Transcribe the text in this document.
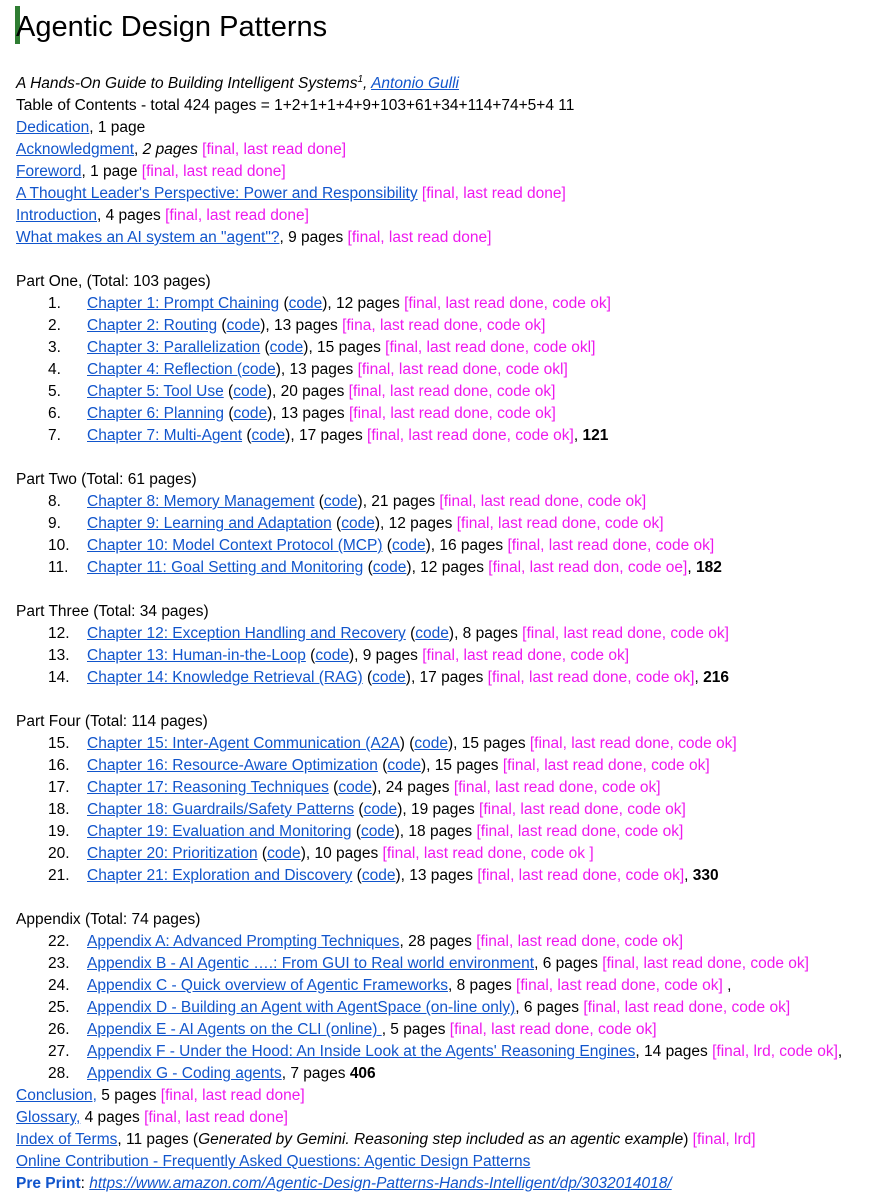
Agentic Design Patterns
A Hands-On Guide to Building Intelligent Systems$^1$, Antonio Gulli
Table of Contents - total 424 pages = 1+2+1+1+4+9+103+61+34+114+74+5+4 11
Dedication, 1 page
Acknowledgment, 2 pages [final, last read done]
Foreword, 1 page [final, last read done]
A Thought Leader's Perspective: Power and Responsibility [final, last read done]
Introduction, 4 pages [final, last read done]
What makes an AI system an "agent"?, 9 pages [final, last read done]
Part One, (Total: 103 pages)
1. Chapter 1: Prompt Chaining (code), 12 pages [final, last read done, code ok]
2. Chapter 2: Routing (code), 13 pages [fina, last read done, code ok]
3. Chapter 3: Parallelization (code), 15 pages [final, last read done, code okl]
4. Chapter 4: Reflection (code), 13 pages [final, last read done, code okl]
5. Chapter 5: Tool Use (code), 20 pages [final, last read done, code ok]
6. Chapter 6: Planning (code), 13 pages [final, last read done, code ok]
7. Chapter 7: Multi-Agent (code), 17 pages [final, last read done, code ok], 121
Part Two (Total: 61 pages)
8. Chapter 8: Memory Management (code), 21 pages [final, last read done, code ok]
9. Chapter 9: Learning and Adaptation (code), 12 pages [final, last read done, code ok]
10. Chapter 10: Model Context Protocol (MCP) (code), 16 pages [final, last read done, code ok]
11. Chapter 11: Goal Setting and Monitoring (code), 12 pages [final, last read don, code oe], 182
Part Three (Total: 34 pages)
12. Chapter 12: Exception Handling and Recovery (code), 8 pages [final, last read done, code ok]
13. Chapter 13: Human-in-the-Loop (code), 9 pages [final, last read done, code ok]
14. Chapter 14: Knowledge Retrieval (RAG) (code), 17 pages [final, last read done, code ok], 216
Part Four (Total: 114 pages)
15. Chapter 15: Inter-Agent Communication (A2A) (code), 15 pages [final, last read done, code ok]
16. Chapter 16: Resource-Aware Optimization (code), 15 pages [final, last read done, code ok]
17. Chapter 17: Reasoning Techniques (code), 24 pages [final, last read done, code ok]
18. Chapter 18: Guardrails/Safety Patterns (code), 19 pages [final, last read done, code ok]
19. Chapter 19: Evaluation and Monitoring (code), 18 pages [final, last read done, code ok]
20. Chapter 20: Prioritization (code), 10 pages [final, last read done, code ok ]
21. Chapter 21: Exploration and Discovery (code), 13 pages [final, last read done, code ok], 330
Appendix (Total: 74 pages)
22. Appendix A: Advanced Prompting Techniques, 28 pages [final, last read done, code ok]
23. Appendix B - AI Agentic ….: From GUI to Real world environment, 6 pages [final, last read done, code ok]
24. Appendix C - Quick overview of Agentic Frameworks, 8 pages [final, last read done, code ok] ,
25. Appendix D - Building an Agent with AgentSpace (on-line only), 6 pages [final, last read done, code ok]
26. Appendix E - AI Agents on the CLI (online) , 5 pages [final, last read done, code ok]
27. Appendix F - Under the Hood: An Inside Look at the Agents' Reasoning Engines, 14 pages [final, lrd, code ok],
28. Appendix G - Coding agents, 7 pages 406
Conclusion, 5 pages [final, last read done]
Glossary, 4 pages [final, last read done]
Index of Terms, 11 pages (Generated by Gemini. Reasoning step included as an agentic example) [final, lrd]
Online Contribution - Frequently Asked Questions: Agentic Design Patterns
Pre Print: https://www.amazon.com/Agentic-Design-Patterns-Hands-Intelligent/dp/3032014018/
